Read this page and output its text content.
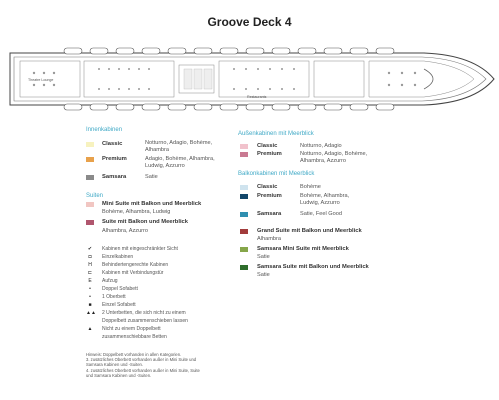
Groove Deck 4
Theatre Lounge
Restaurants
Innenkabinen
Classic	Notturno, Adagio, Bohème,
Alhambra
Premium	Adagio, Bohème, Alhambra,
Ludwig, Azzurro
Samsara	Satie
Suiten
Mini Suite mit Balkon und Meerblick
Bohème, Alhambra, Ludwig
Suite mit Balkon und Meerblick
Alhambra, Azzurro
✔	Kabinen mit eingeschränkter Sicht
◘	Einzelkabinen
H	Behindertengerechte Kabinen
⊏	Kabinen mit Verbindungstür
E	Aufzug
•	Doppel Sofabett
•	1 Oberbett
■	Einzel Sofabett
▲▲ 2 Unterbetten, die sich nicht zu einem
Doppelbett zusammenschieben lassen
▲	Nicht zu einem Doppelbett
zusammenschiebbare Betten
Hinweis: Doppelbett vorhanden in allen Kategorien.
3. zusätzliches Oberbett vorhanden außer in Mini Suite und
Samsara Kabinen und -Suiten.
4. zusätzliches Oberbett vorhanden außer in Mini Suite, Suite
und Samsara Kabinen und -Suiten.
Außenkabinen mit Meerblick
Classic	Notturno, Adagio
Premium	Notturno, Adagio, Bohème,
Alhambra, Azzurro
Balkonkabinen mit Meerblick
Classic	Bohème
Premium	Bohème, Alhambra,
Ludwig, Azzurro
Samsara	Satie, Feel Good
Grand Suite mit Balkon und Meerblick
Alhambra
Samsara Mini Suite mit Meerblick
Satie
Samsara Suite mit Balkon und Meerblick
Satie
